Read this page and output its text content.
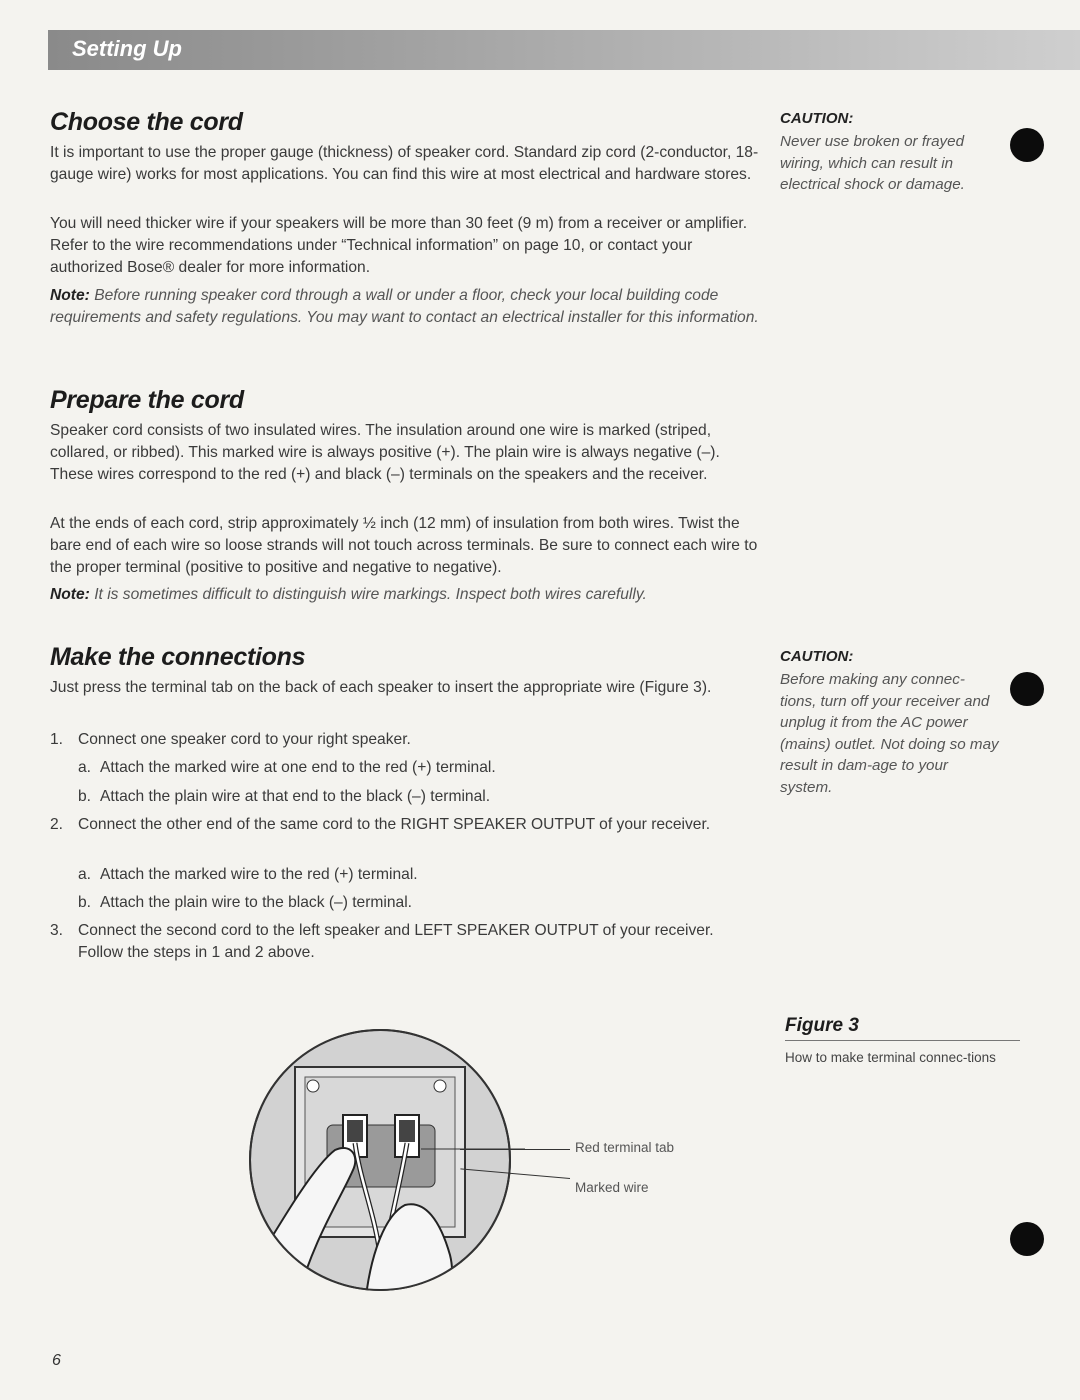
Setting Up
Choose the cord

It is important to use the proper gauge (thickness) of speaker cord. Standard zip cord (2-conductor, 18-gauge wire) works for most applications. You can find this wire at most electrical and hardware stores.

You will need thicker wire if your speakers will be more than 30 feet (9 m) from a receiver or amplifier. Refer to the wire recommendations under “Technical information” on page 10, or contact your authorized Bose® dealer for more information.

Note: Before running speaker cord through a wall or under a floor, check your local building code requirements and safety regulations. You may want to contact an electrical installer for this information.

Prepare the cord

Speaker cord consists of two insulated wires. The insulation around one wire is marked (striped, collared, or ribbed). This marked wire is always positive (+). The plain wire is always negative (–). These wires correspond to the red (+) and black (–) terminals on the speakers and the receiver.

At the ends of each cord, strip approximately ½ inch (12 mm) of insulation from both wires. Twist the bare end of each wire so loose strands will not touch across terminals. Be sure to connect each wire to the proper terminal (positive to positive and negative to negative).

Note: It is sometimes difficult to distinguish wire markings. Inspect both wires carefully.

Make the connections

Just press the terminal tab on the back of each speaker to insert the appropriate wire (Figure 3).

1. Connect one speaker cord to your right speaker.
a. Attach the marked wire at one end to the red (+) terminal.
b. Attach the plain wire at that end to the black (–) terminal.
2. Connect the other end of the same cord to the RIGHT SPEAKER OUTPUT of your receiver.
a. Attach the marked wire to the red (+) terminal.
b. Attach the plain wire to the black (–) terminal.
3. Connect the second cord to the left speaker and LEFT SPEAKER OUTPUT of your receiver. Follow the steps in 1 and 2 above.

CAUTION:

Never use broken or frayed wiring, which can result in electrical shock or damage.

CAUTION:

Before making any connec-tions, turn off your receiver and unplug it from the AC power (mains) outlet. Not doing so may result in dam-age to your system.

Figure 3

How to make terminal connec-tions

Red terminal tab
Marked wire
6
